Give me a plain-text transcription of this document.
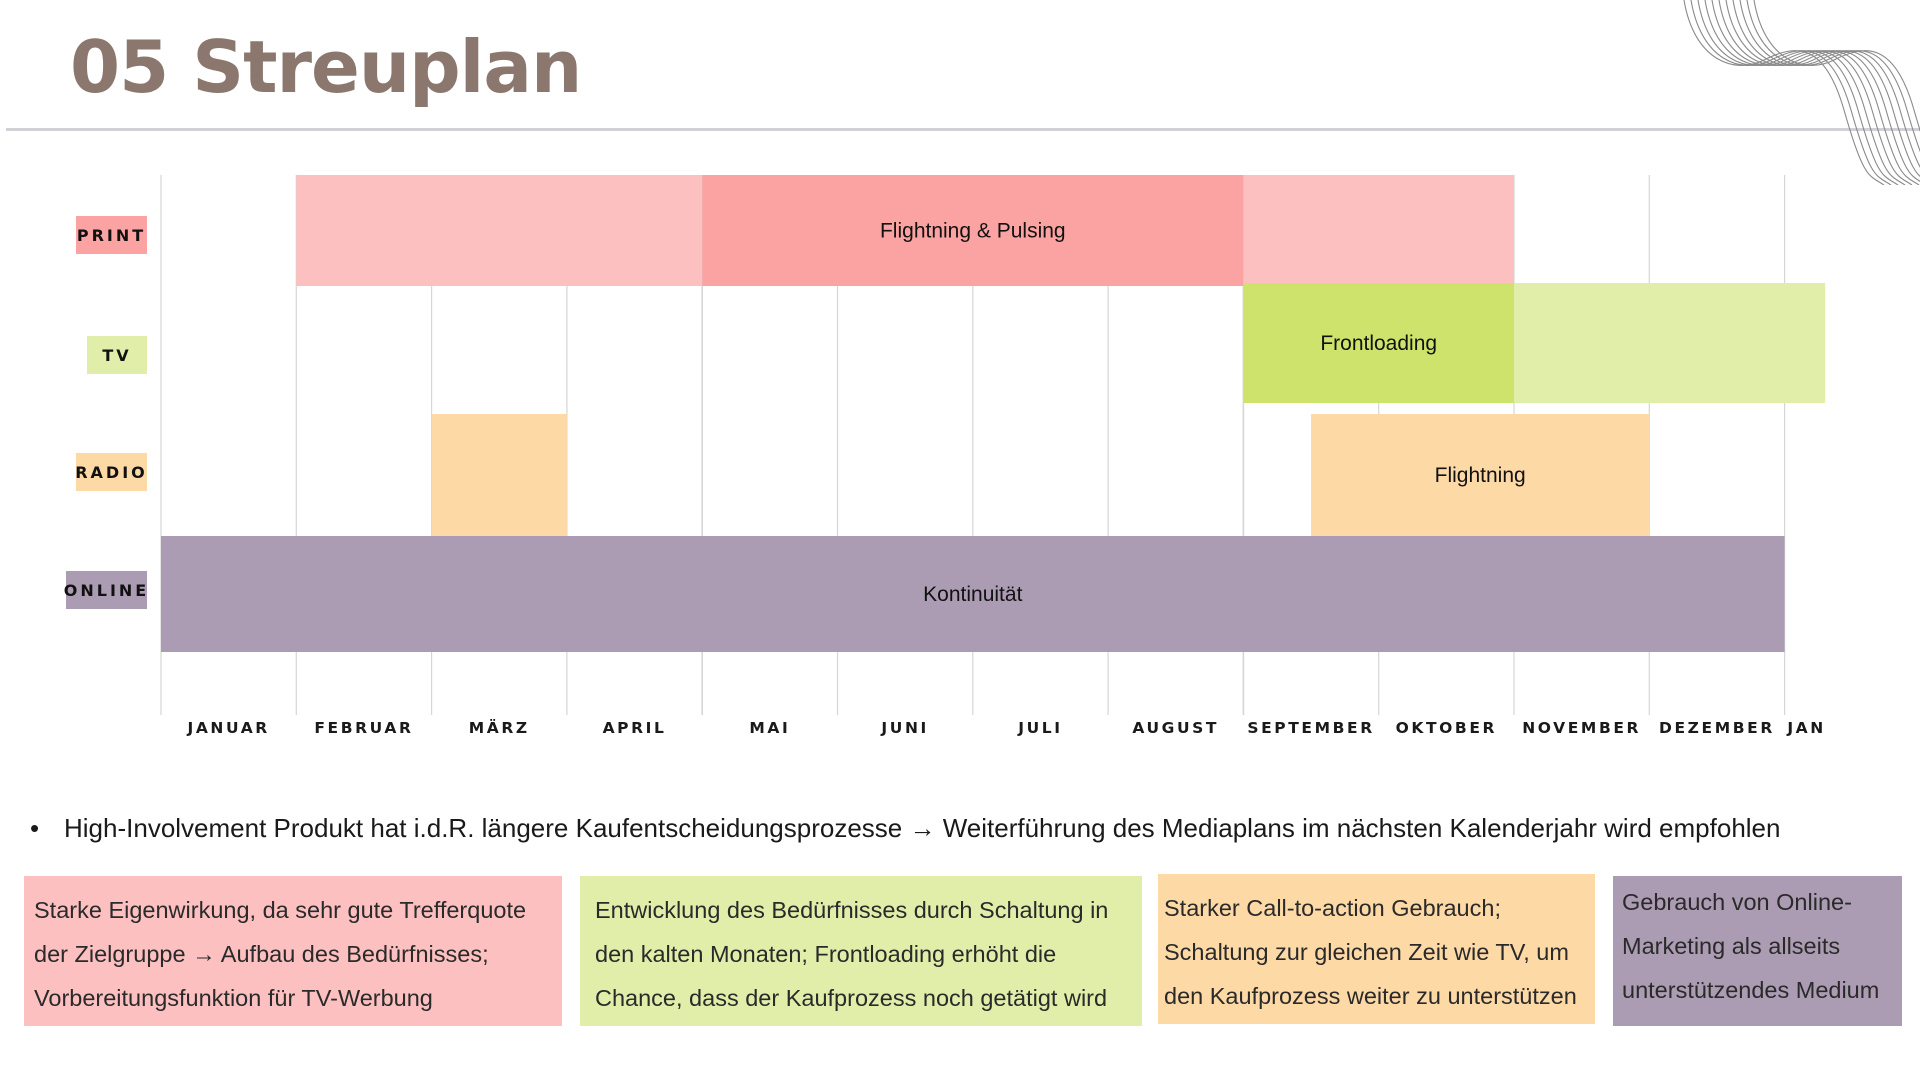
05 Streuplan
Flightning & Pulsing
Frontloading
Flightning
Kontinuität
PRINT
TV
RADIO
ONLINE
JANUAR	FEBRUAR	MÄRZ	APRIL	MAI	JUNI	JULI	AUGUST SEPTEMBER OKTOBER NOVEMBER DEZEMBER JAN
• High-Involvement Produkt hat i.d.R. längere Kaufentscheidungsprozesse → Weiterführung des Mediaplans im nächsten Kalenderjahr wird empfohlen
Starke Eigenwirkung, da sehr gute Trefferquote
der Zielgruppe → Aufbau des Bedürfnisses;
Vorbereitungsfunktion für TV-Werbung
Entwicklung des Bedürfnisses durch Schaltung in
den kalten Monaten; Frontloading erhöht die
Chance, dass der Kaufprozess noch getätigt wird
Starker Call-to-action Gebrauch;
Schaltung zur gleichen Zeit wie TV, um
den Kaufprozess weiter zu unterstützen
Gebrauch von Online-
Marketing als allseits
unterstützendes Medium
